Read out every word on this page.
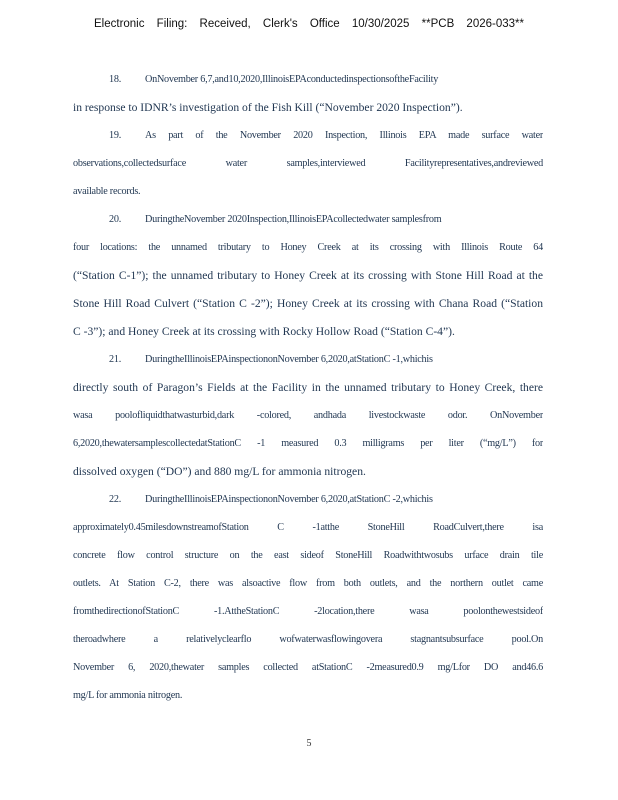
Electronic Filing: Received, Clerk's Office 10/30/2025 **PCB 2026-033**
18. OnNovember 6,7,and10,2020,IllinoisEPAconductedinspectionsoftheFacility
in response to IDNR’s investigation of the Fish Kill (“November 2020 Inspection”).
19. As part of the November 2020 Inspection, Illinois EPA made surface water
observations,collectedsurface water samples,interviewed Facilityrepresentatives,andreviewed
available records.
20. DuringtheNovember 2020Inspection,IllinoisEPAcollectedwater samplesfrom
four locations: the unnamed tributary to Honey Creek at its crossing with Illinois Route 64
(“Station C-1”); the unnamed tributary to Honey Creek at its crossing with Stone Hill Road at the
Stone Hill Road Culvert (“Station C -2”); Honey Creek at its crossing with Chana Road (“Station
C -3”); and Honey Creek at its crossing with Rocky Hollow Road (“Station C-4”).
21. DuringtheIllinoisEPAinspectiononNovember 6,2020,atStationC -1,whichis
directly south of Paragon’s Fields at the Facility in the unnamed tributary to Honey Creek, there
wasa poolofliquidthatwasturbid,dark -colored, andhada livestockwaste odor. OnNovember
6,2020,thewatersamplescollectedatStationC -1 measured 0.3 milligrams per liter (“mg/L”) for
dissolved oxygen (“DO”) and 880 mg/L for ammonia nitrogen.
22. DuringtheIllinoisEPAinspectiononNovember 6,2020,atStationC -2,whichis
approximately0.45milesdownstreamofStation C -1atthe StoneHill RoadCulvert,there isa
concrete flow control structure on the east sideof StoneHill Roadwithtwosubs urface drain tile
outlets. At Station C-2, there was alsoactive flow from both outlets, and the northern outlet came
fromthedirectionofStationC -1.AttheStationC -2location,there wasa poolonthewestsideof
theroadwhere a relativelyclearflo wofwaterwasflowingovera stagnantsubsurface pool.On
November 6, 2020,thewater samples collected atStationC -2measured0.9 mg/Lfor DO and46.6
mg/L for ammonia nitrogen.
5
